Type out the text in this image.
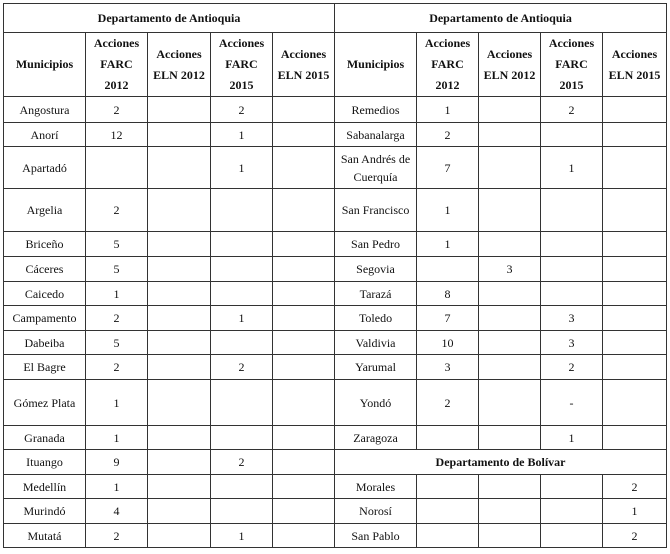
Departamento de Antioquia					Departamento de Antioquia				
Municipios	Acciones FARC 2012	Acciones ELN 2012	Acciones FARC 2015	Acciones ELN 2015	Municipios	Acciones FARC 2012	Acciones ELN 2012	Acciones FARC 2015	Acciones ELN 2015
Angostura	2		2		Remedios	1		2	
Anorí	12		1		Sabanalarga	2			
Apartadó			1		San Andrés de Cuerquía	7		1	
Argelia	2				San Francisco	1			
Briceño	5				San Pedro	1			
Cáceres	5				Segovia		3		
Caicedo	1				Tarazá	8			
Campamento	2		1		Toledo	7		3	
Dabeiba	5				Valdivia	10		3	
El Bagre	2		2		Yarumal	3		2	
Gómez Plata	1				Yondó	2		-	
Granada	1				Zaragoza			1	
Ituango	9		2		Departamento de Bolívar				
Medellín	1				Morales				2
Murindó	4				Norosí				1
Mutatá	2		1		San Pablo				2
